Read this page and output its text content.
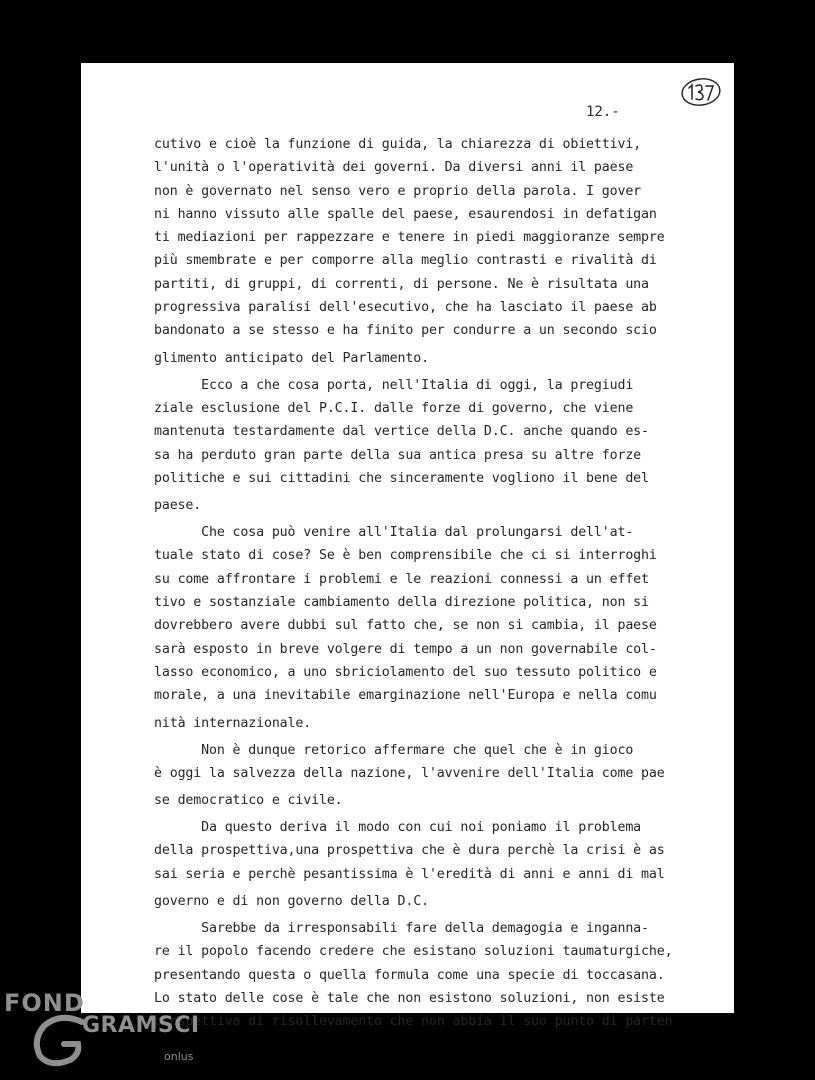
12.-
cutivo e cioè la funzione di guida, la chiarezza di obiettivi,
l'unità o l'operatività dei governi. Da diversi anni il paese
non è governato nel senso vero e proprio della parola. I gover
ni hanno vissuto alle spalle del paese, esaurendosi in defatigan
ti mediazioni per rappezzare e tenere in piedi maggioranze sempre
più smembrate e per comporre alla meglio contrasti e rivalità di
partiti, di gruppi, di correnti, di persone. Ne è risultata una
progressiva paralisi dell'esecutivo, che ha lasciato il paese ab
bandonato a se stesso e ha finito per condurre a un secondo scio
glimento anticipato del Parlamento.
Ecco a che cosa porta, nell'Italia di oggi, la pregiudi
ziale esclusione del P.C.I. dalle forze di governo, che viene
mantenuta testardamente dal vertice della D.C. anche quando es-
sa ha perduto gran parte della sua antica presa su altre forze
politiche e sui cittadini che sinceramente vogliono il bene del
paese.
Che cosa può venire all'Italia dal prolungarsi dell'at-
tuale stato di cose? Se è ben comprensibile che ci si interroghi
su come affrontare i problemi e le reazioni connessi a un effet
tivo e sostanziale cambiamento della direzione politica, non si
dovrebbero avere dubbi sul fatto che, se non si cambia, il paese
sarà esposto in breve volgere di tempo a un non governabile col-
lasso economico, a uno sbriciolamento del suo tessuto politico e
morale, a una inevitabile emarginazione nell'Europa e nella comu
nità internazionale.
Non è dunque retorico affermare che quel che è in gioco
è oggi la salvezza della nazione, l'avvenire dell'Italia come pae
se democratico e civile.
Da questo deriva il modo con cui noi poniamo il problema
della prospettiva,una prospettiva che è dura perchè la crisi è as
sai seria e perchè pesantissima è l'eredità di anni e anni di mal
governo e di non governo della D.C.
Sarebbe da irresponsabili fare della demagogia e inganna-
re il popolo facendo credere che esistano soluzioni taumaturgiche,
presentando questa o quella formula come una specie di toccasana.
Lo stato delle cose è tale che non esistono soluzioni, non esiste
prospettiva di risollevamento che non abbia il suo punto di parten
FOND
GRAMSCI
onlus
